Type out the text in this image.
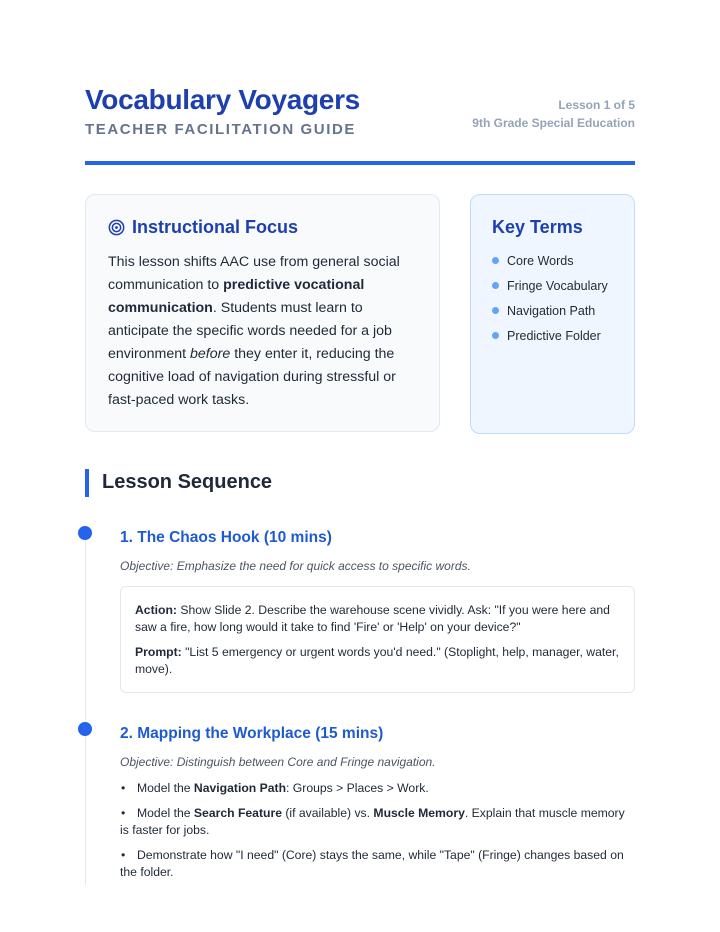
Vocabulary Voyagers
TEACHER FACILITATION GUIDE
Lesson 1 of 5
9th Grade Special Education
Instructional Focus

This lesson shifts AAC use from general social communication to predictive vocational communication. Students must learn to anticipate the specific words needed for a job environment before they enter it, reducing the cognitive load of navigation during stressful or fast-paced work tasks.

Key Terms
Core Words
Fringe Vocabulary
Navigation Path
Predictive Folder
Lesson Sequence
1. The Chaos Hook (10 mins)
Objective: Emphasize the need for quick access to specific words.

Action: Show Slide 2. Describe the warehouse scene vividly. Ask: "If you were here and saw a fire, how long would it take to find 'Fire' or 'Help' on your device?"

Prompt: "List 5 emergency or urgent words you'd need." (Stoplight, help, manager, water, move).

2. Mapping the Workplace (15 mins)
Objective: Distinguish between Core and Fringe navigation.
• Model the Navigation Path: Groups > Places > Work.
• Model the Search Feature (if available) vs. Muscle Memory. Explain that muscle memory is faster for jobs.
• Demonstrate how "I need" (Core) stays the same, while "Tape" (Fringe) changes based on the folder.
